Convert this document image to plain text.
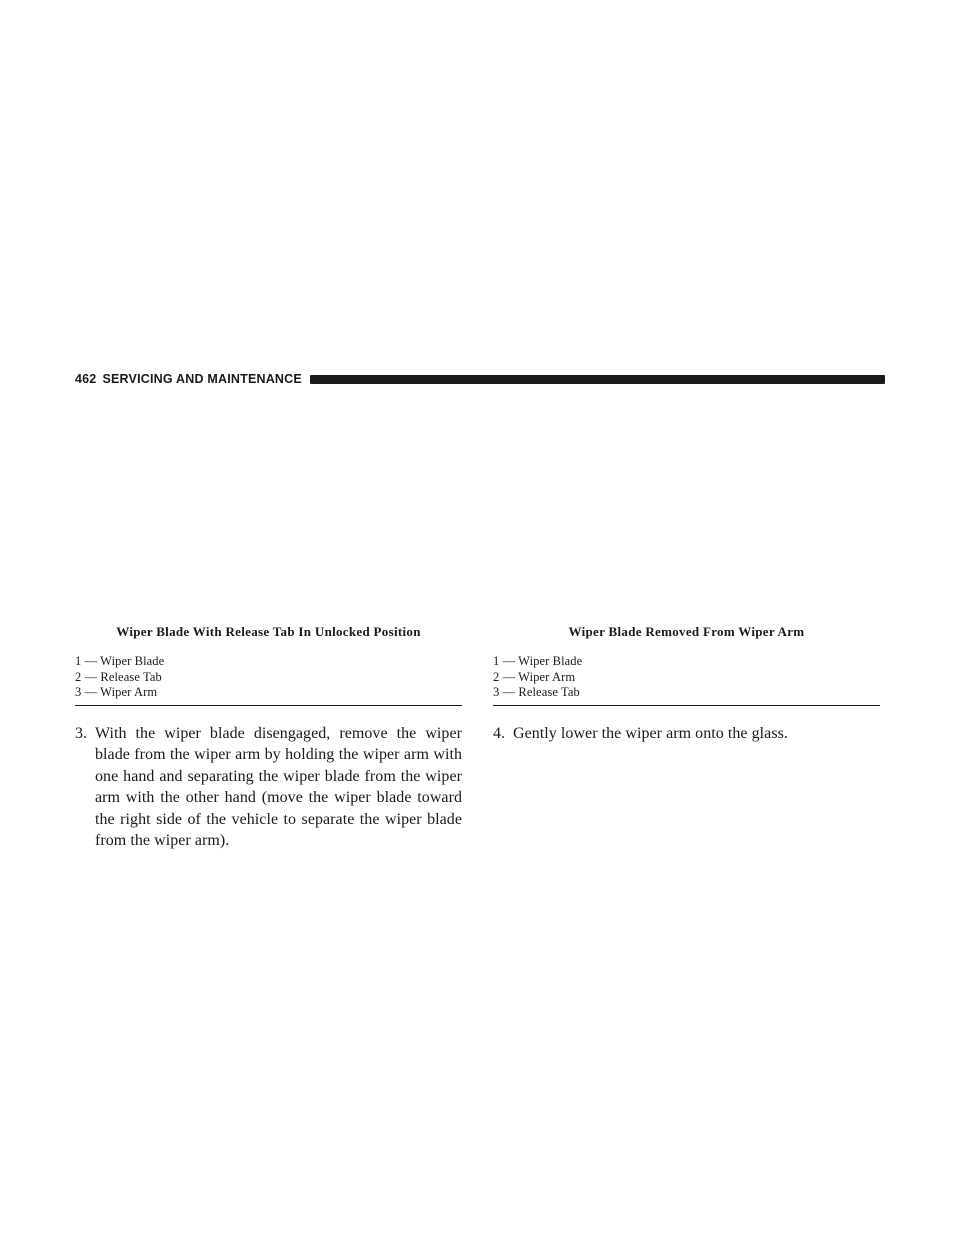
462 SERVICING AND MAINTENANCE
Wiper Blade With Release Tab In Unlocked Position
1 — Wiper Blade
2 — Release Tab
3 — Wiper Arm

3. With the wiper blade disengaged, remove the wiper blade from the wiper arm by holding the wiper arm with one hand and separating the wiper blade from the wiper arm with the other hand (move the wiper blade toward the right side of the vehicle to separate the wiper blade from the wiper arm).

Wiper Blade Removed From Wiper Arm
1 — Wiper Blade
2 — Wiper Arm
3 — Release Tab

4. Gently lower the wiper arm onto the glass.
